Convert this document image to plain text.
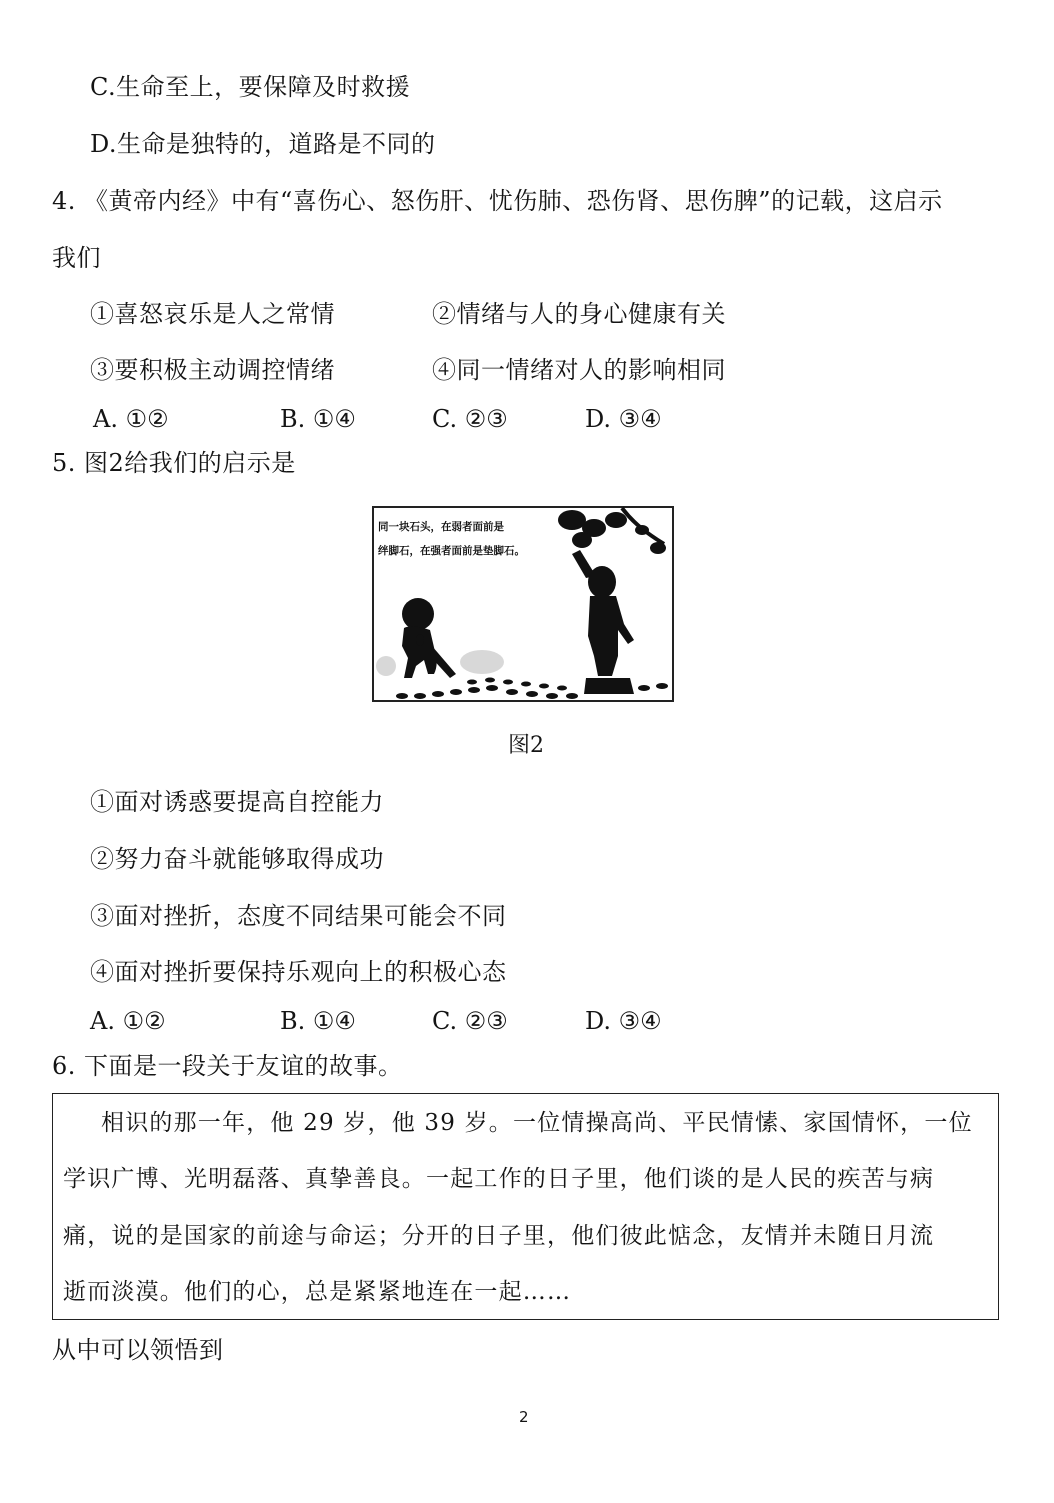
C.生命至上，要保障及时救援
D.生命是独特的，道路是不同的
4. 《黄帝内经》中有“喜伤心、怒伤肝、忧伤肺、恐伤肾、思伤脾”的记载，这启示
我们
①喜怒哀乐是人之常情	②情绪与人的身心健康有关
③要积极主动调控情绪	④同一情绪对人的影响相同
A. ①②	B. ①④	C. ②③	D. ③④
5. 图2给我们的启示是
同一块石头，在弱者面前是
绊脚石，在强者面前是垫脚石。
图2
①面对诱惑要提高自控能力
②努力奋斗就能够取得成功
③面对挫折，态度不同结果可能会不同
④面对挫折要保持乐观向上的积极心态
A. ①②	B. ①④	C. ②③	D. ③④
6. 下面是一段关于友谊的故事。
相识的那一年，他 29 岁，他 39 岁。一位情操高尚、平民情愫、家国情怀，一位
学识广博、光明磊落、真挚善良。一起工作的日子里，他们谈的是人民的疾苦与病
痛，说的是国家的前途与命运；分开的日子里，他们彼此惦念，友情并未随日月流
逝而淡漠。他们的心，总是紧紧地连在一起……
从中可以领悟到
2
